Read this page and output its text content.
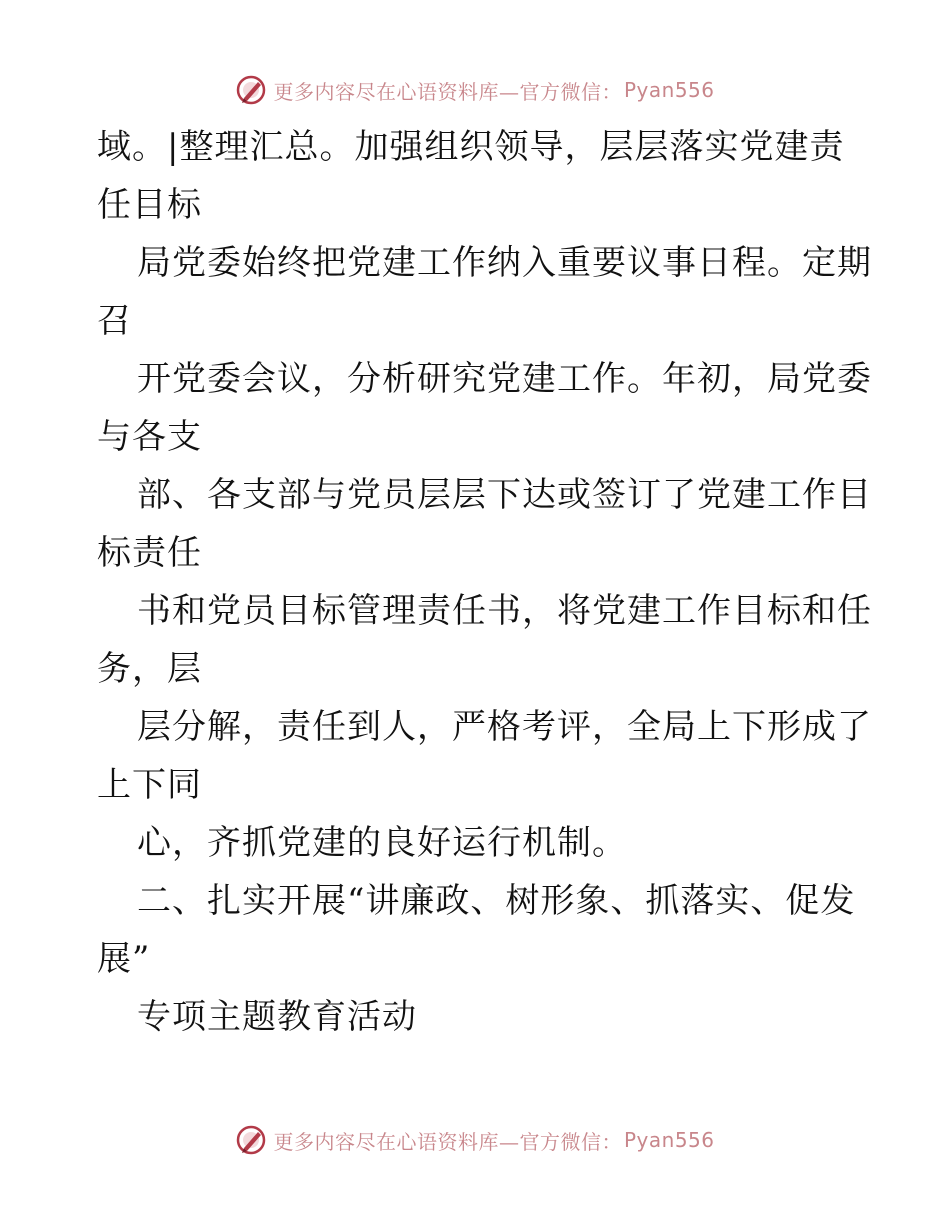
更多内容尽在心语资料库—官方微信： Pyan556
域。|整理汇总。加强组织领导，层层落实党建责
任目标
局党委始终把党建工作纳入重要议事日程。定期
召
开党委会议，分析研究党建工作。年初，局党委
与各支
部、各支部与党员层层下达或签订了党建工作目
标责任
书和党员目标管理责任书，将党建工作目标和任
务，层
层分解，责任到人，严格考评，全局上下形成了
上下同
心，齐抓党建的良好运行机制。
二、扎实开展“讲廉政、树形象、抓落实、促发
展”
专项主题教育活动
更多内容尽在心语资料库—官方微信： Pyan556
